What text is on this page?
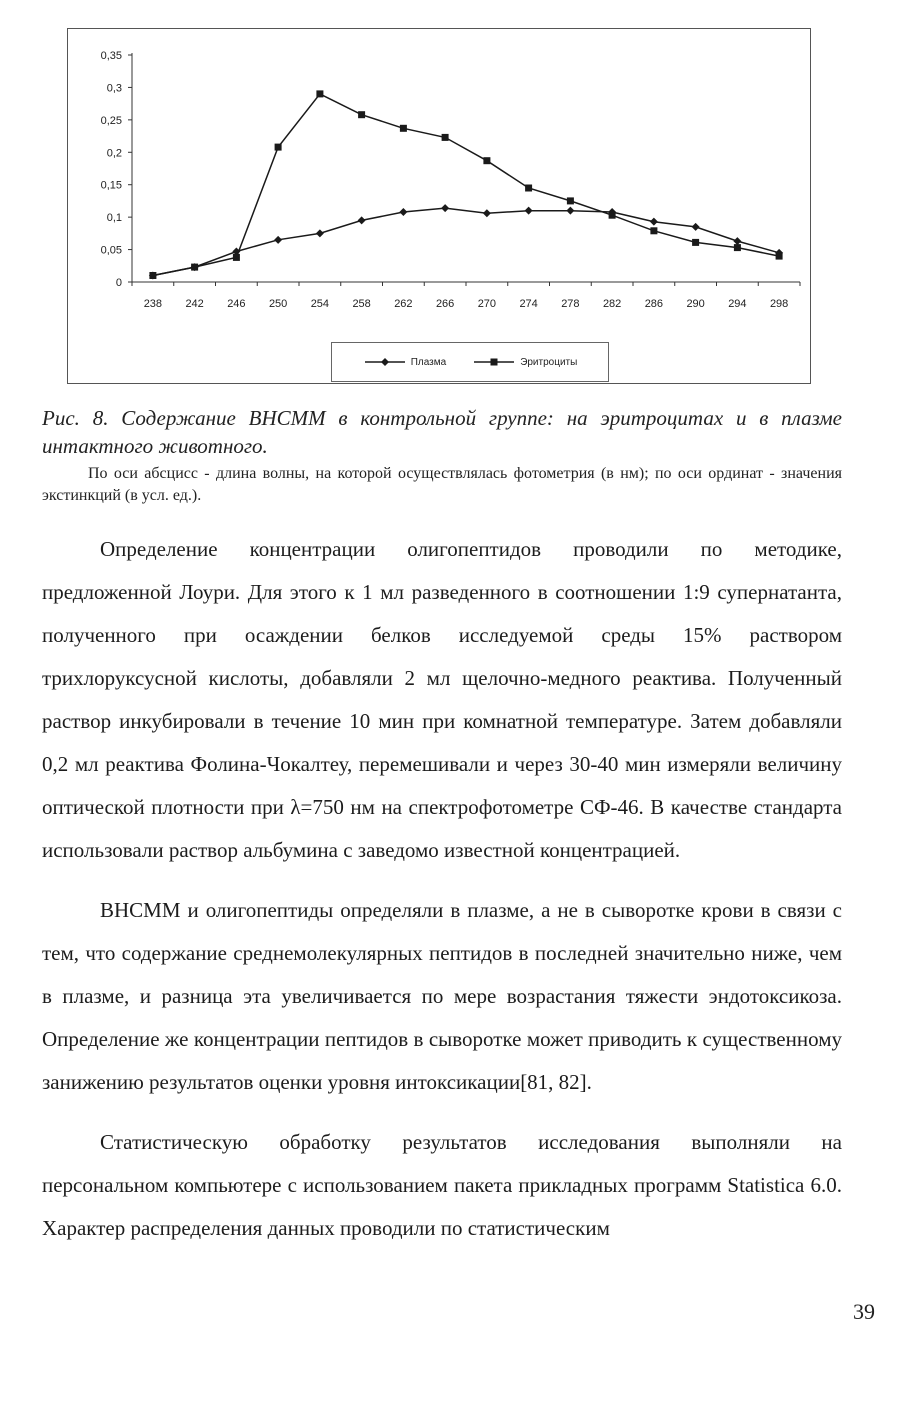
0
0,05
0,1
0,15
0,2
0,25
0,3
0,35
238 242 246 250 254 258 262 266 270 274 278 282 286 290 294 298
Плазма	Эритроциты
Рис. 8. Содержание ВНСММ в контрольной группе: на эритроцитах и в плазме интактного животного.
По оси абсцисс - длина волны, на которой осуществлялась фотометрия (в нм); по оси ординат - значения экстинкций (в усл. ед.).

Определение концентрации олигопептидов проводили по методике, предложенной Лоури. Для этого к 1 мл разведенного в соотношении 1:9 супернатанта, полученного при осаждении белков исследуемой среды 15% раствором трихлоруксусной кислоты, добавляли 2 мл щелочно-медного реактива. Полученный раствор инкубировали в течение 10 мин при комнатной температуре. Затем добавляли 0,2 мл реактива Фолина-Чокалтеу, перемешивали и через 30-40 мин измеряли величину оптической плотности при λ=750 нм на спектрофотометре СФ-46. В качестве стандарта использовали раствор альбумина с заведомо известной концентрацией.

ВНСММ и олигопептиды определяли в плазме, а не в сыворотке крови в связи с тем, что содержание среднемолекулярных пептидов в последней значительно ниже, чем в плазме, и разница эта увеличивается по мере возрастания тяжести эндотоксикоза. Определение же концентрации пептидов в сыворотке может приводить к существенному занижению результатов оценки уровня интоксикации[81, 82].

Статистическую обработку результатов исследования выполняли на персональном компьютере с использованием пакета прикладных программ Statistica 6.0. Характер распределения данных проводили по статистическим

39
